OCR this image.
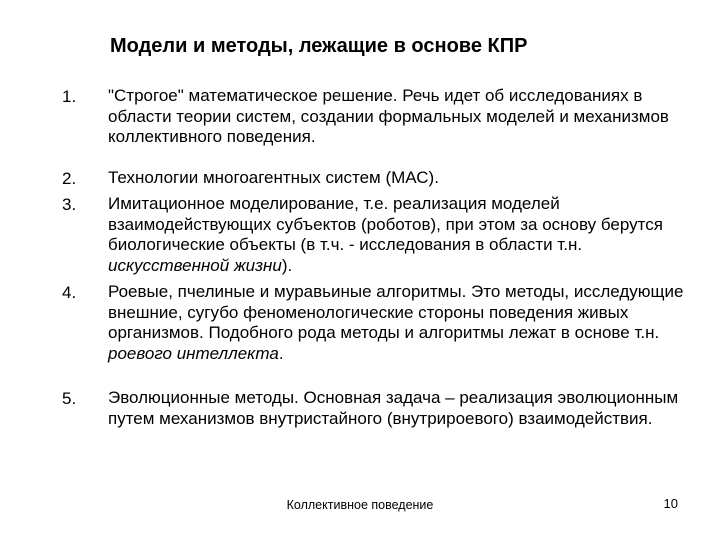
Модели и методы, лежащие в основе КПР
1. "Строгое" математическое решение. Речь идет об исследованиях в области теории систем, создании формальных моделей и механизмов коллективного поведения.
2. Технологии многоагентных систем (МАС).
3. Имитационное моделирование, т.е. реализация моделей взаимодействующих субъектов (роботов), при этом за основу берутся биологические объекты (в т.ч. - исследования в области т.н. искусственной жизни).
4. Роевые, пчелиные и муравьиные алгоритмы. Это методы, исследующие внешние, сугубо феноменологические стороны поведения живых организмов. Подобного рода методы и алгоритмы лежат в основе т.н. роевого интеллекта.
5. Эволюционные методы. Основная задача – реализация эволюционным путем механизмов внутристайного (внутрироевого) взаимодействия.
Коллективное поведение	10
